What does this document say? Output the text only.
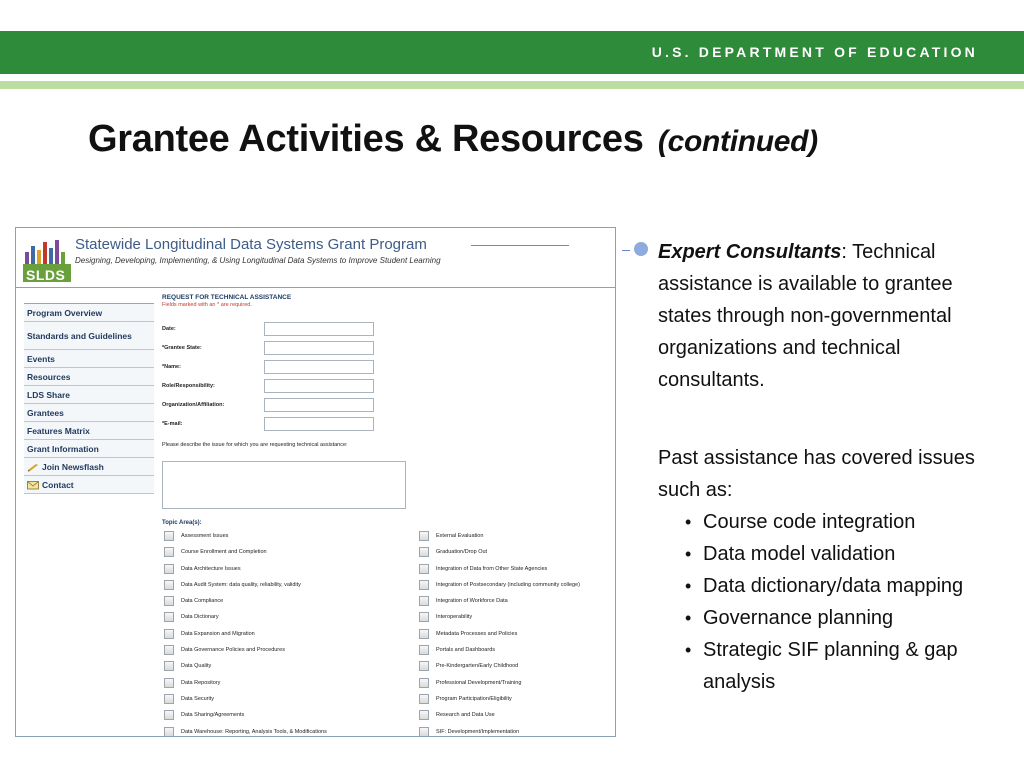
U.S. DEPARTMENT OF EDUCATION
Grantee Activities & Resources (continued)
SLDS
Statewide Longitudinal Data Systems Grant Program
Designing, Developing, Implementing, & Using Longitudinal Data Systems to Improve Student Learning
Program Overview
Standards and Guidelines
Events
Resources
LDS Share
Grantees
Features Matrix
Grant Information
Join Newsflash
Contact
REQUEST FOR TECHNICAL ASSISTANCE
Fields marked with an * are required.
Date:
*Grantee State:
*Name:
Role/Responsibility:
Organization/Affiliation:
*E-mail:
Please describe the issue for which you are requesting technical assistance:
Topic Area(s):
Assessment Issues
Course Enrollment and Completion
Data Architecture Issues
Data Audit System: data quality, reliability, validity
Data Compliance
Data Dictionary
Data Expansion and Migration
Data Governance Policies and Procedures
Data Quality
Data Repository
Data Security
Data Sharing/Agreements
Data Warehouse: Reporting, Analysis Tools, & Modifications
External Evaluation
Graduation/Drop Out
Integration of Data from Other State Agencies
Integration of Postsecondary (including community college)
Integration of Workforce Data
Interoperability
Metadata Processes and Policies
Portals and Dashboards
Pre-Kindergarten/Early Childhood
Professional Development/Training
Program Participation/Eligibility
Research and Data Use
SIF: Development/Implementation
Expert Consultants: Technical assistance is available to grantee states through non-governmental organizations and technical consultants.
Past assistance has covered issues such as:
• Course code integration
• Data model validation
• Data dictionary/data mapping
• Governance planning
• Strategic SIF planning & gap analysis
